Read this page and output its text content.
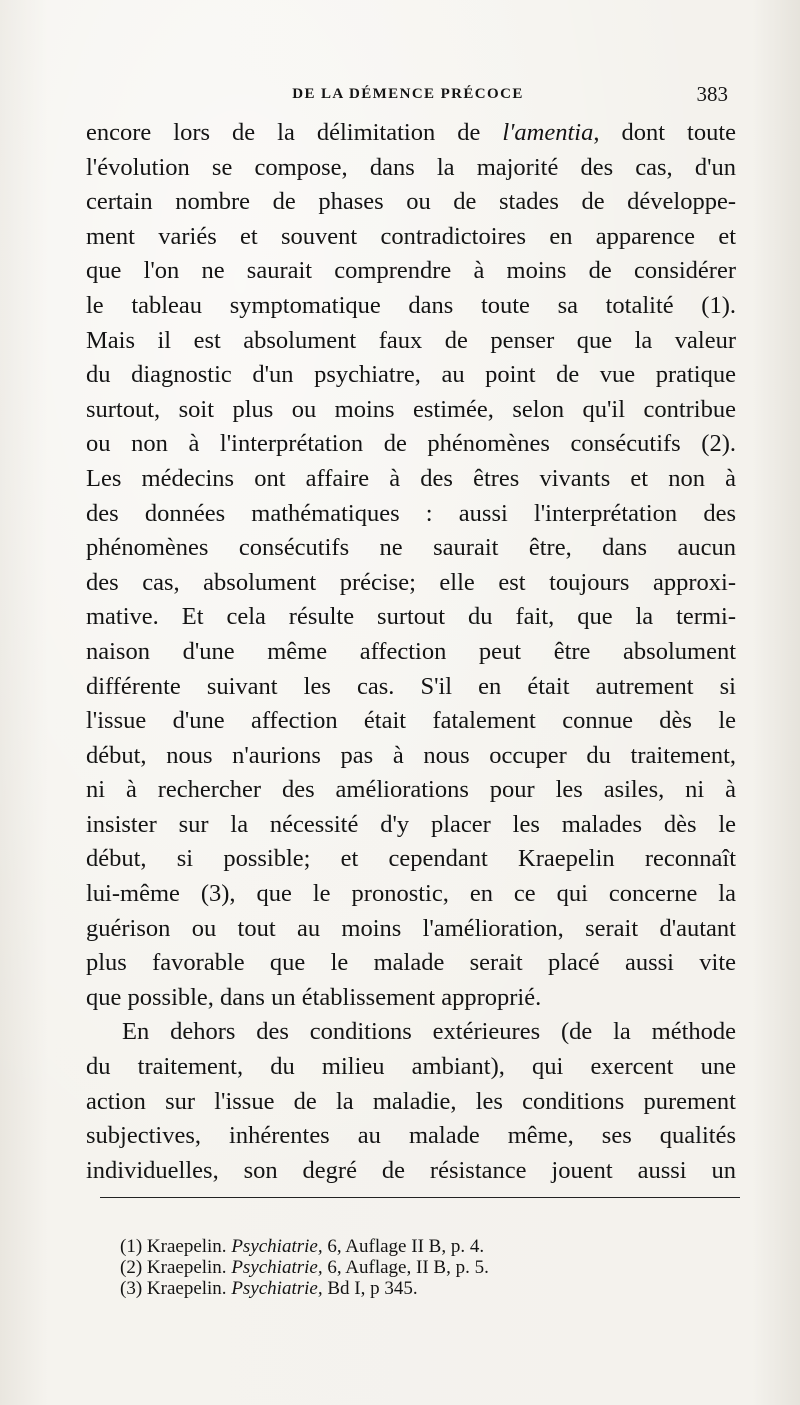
DE LA DÉMENCE PRÉCOCE	383
encore lors de la délimitation de l'amentia, dont toute
l'évolution se compose, dans la majorité des cas, d'un
certain nombre de phases ou de stades de développe-
ment variés et souvent contradictoires en apparence et
que l'on ne saurait comprendre à moins de considérer
le tableau symptomatique dans toute sa totalité (1).
Mais il est absolument faux de penser que la valeur
du diagnostic d'un psychiatre, au point de vue pratique
surtout, soit plus ou moins estimée, selon qu'il contribue
ou non à l'interprétation de phénomènes consécutifs (2).
Les médecins ont affaire à des êtres vivants et non à
des données mathématiques : aussi l'interprétation des
phénomènes consécutifs ne saurait être, dans aucun
des cas, absolument précise; elle est toujours approxi-
mative. Et cela résulte surtout du fait, que la termi-
naison d'une même affection peut être absolument
différente suivant les cas. S'il en était autrement si
l'issue d'une affection était fatalement connue dès le
début, nous n'aurions pas à nous occuper du traitement,
ni à rechercher des améliorations pour les asiles, ni à
insister sur la nécessité d'y placer les malades dès le
début, si possible; et cependant Kraepelin reconnaît
lui-même (3), que le pronostic, en ce qui concerne la
guérison ou tout au moins l'amélioration, serait d'autant
plus favorable que le malade serait placé aussi vite
que possible, dans un établissement approprié.
En dehors des conditions extérieures (de la méthode
du traitement, du milieu ambiant), qui exercent une
action sur l'issue de la maladie, les conditions purement
subjectives, inhérentes au malade même, ses qualités
individuelles, son degré de résistance jouent aussi un
(1) Kraepelin. Psychiatrie, 6, Auflage II B, p. 4.
(2) Kraepelin. Psychiatrie, 6, Auflage, II B, p. 5.
(3) Kraepelin. Psychiatrie, Bd I, p 345.
